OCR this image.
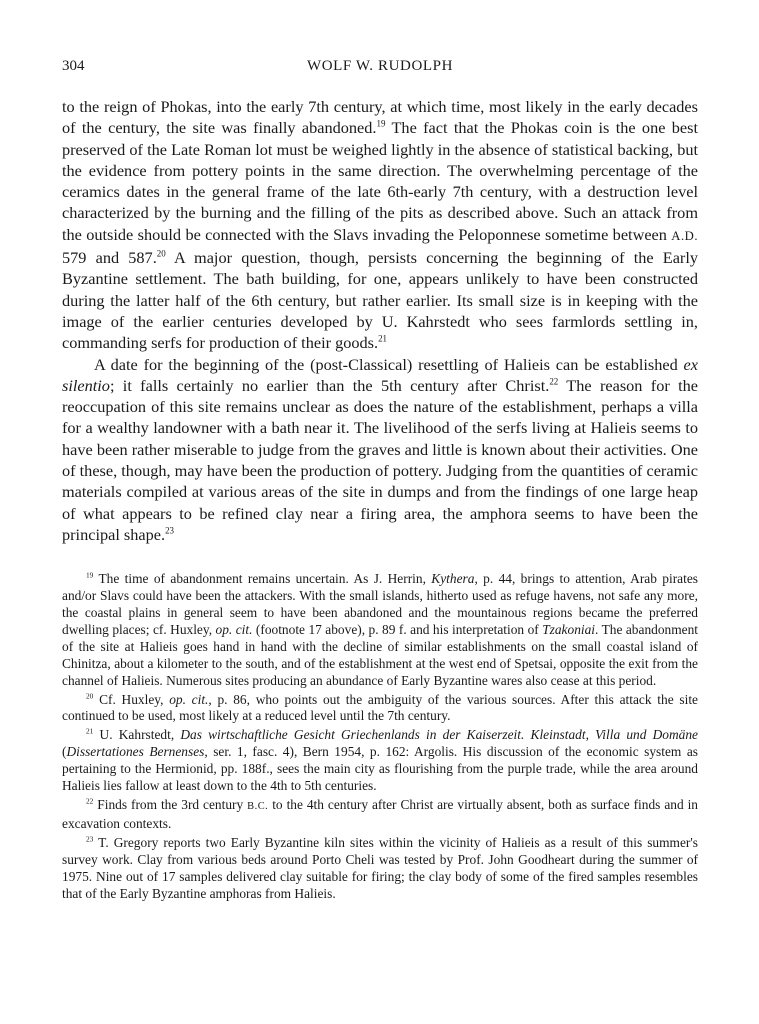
304	WOLF W. RUDOLPH

to the reign of Phokas, into the early 7th century, at which time, most likely in the early decades of the century, the site was finally abandoned.$^{19}$ The fact that the Phokas coin is the one best preserved of the Late Roman lot must be weighed lightly in the absence of statistical backing, but the evidence from pottery points in the same direction. The overwhelming percentage of the ceramics dates in the general frame of the late 6th-early 7th century, with a destruction level characterized by the burning and the filling of the pits as described above. Such an attack from the outside should be connected with the Slavs invading the Peloponnese sometime between A.D. 579 and 587.20 A major question, though, persists concerning the beginning of the Early Byzantine settlement. The bath building, for one, appears unlikely to have been constructed during the latter half of the 6th century, but rather earlier. Its small size is in keeping with the image of the earlier centuries developed by U. Kahrstedt who sees farmlords settling in, commanding serfs for production of their goods.$^{21}$

A date for the beginning of the (post-Classical) resettling of Halieis can be established ex silentio; it falls certainly no earlier than the 5th century after Christ.$^{22}$ The reason for the reoccupation of this site remains unclear as does the nature of the establishment, perhaps a villa for a wealthy landowner with a bath near it. The livelihood of the serfs living at Halieis seems to have been rather miserable to judge from the graves and little is known about their activities. One of these, though, may have been the production of pottery. Judging from the quantities of ceramic materials compiled at various areas of the site in dumps and from the findings of one large heap of what appears to be refined clay near a firing area, the amphora seems to have been the principal shape.$^{23}$

$^{19}$ The time of abandonment remains uncertain. As J. Herrin, Kythera, p. 44, brings to attention, Arab pirates and/or Slavs could have been the attackers. With the small islands, hitherto used as refuge havens, not safe any more, the coastal plains in general seem to have been abandoned and the mountainous regions became the preferred dwelling places; cf. Huxley, op. cit. (footnote 17 above), p. 89 f. and his interpretation of Tzakoniai. The abandonment of the site at Halieis goes hand in hand with the decline of similar establishments on the small coastal island of Chinitza, about a kilometer to the south, and of the establishment at the west end of Spetsai, opposite the exit from the channel of Halieis. Numerous sites producing an abundance of Early Byzantine wares also cease at this period.

$^{20}$ Cf. Huxley, op. cit., p. 86, who points out the ambiguity of the various sources. After this attack the site continued to be used, most likely at a reduced level until the 7th century.

$^{21}$ U. Kahrstedt, Das wirtschaftliche Gesicht Griechenlands in der Kaiserzeit. Kleinstadt, Villa und Domäne (Dissertationes Bernenses, ser. 1, fasc. 4), Bern 1954, p. 162: Argolis. His discussion of the economic system as pertaining to the Hermionid, pp. 188f., sees the main city as flourishing from the purple trade, while the area around Halieis lies fallow at least down to the 4th to 5th centuries.

$^{22}$ Finds from the 3rd century B.C. to the 4th century after Christ are virtually absent, both as surface finds and in excavation contexts.

$^{23}$ T. Gregory reports two Early Byzantine kiln sites within the vicinity of Halieis as a result of this summer's survey work. Clay from various beds around Porto Cheli was tested by Prof. John Goodheart during the summer of 1975. Nine out of 17 samples delivered clay suitable for firing; the clay body of some of the fired samples resembles that of the Early Byzantine amphoras from Halieis.
